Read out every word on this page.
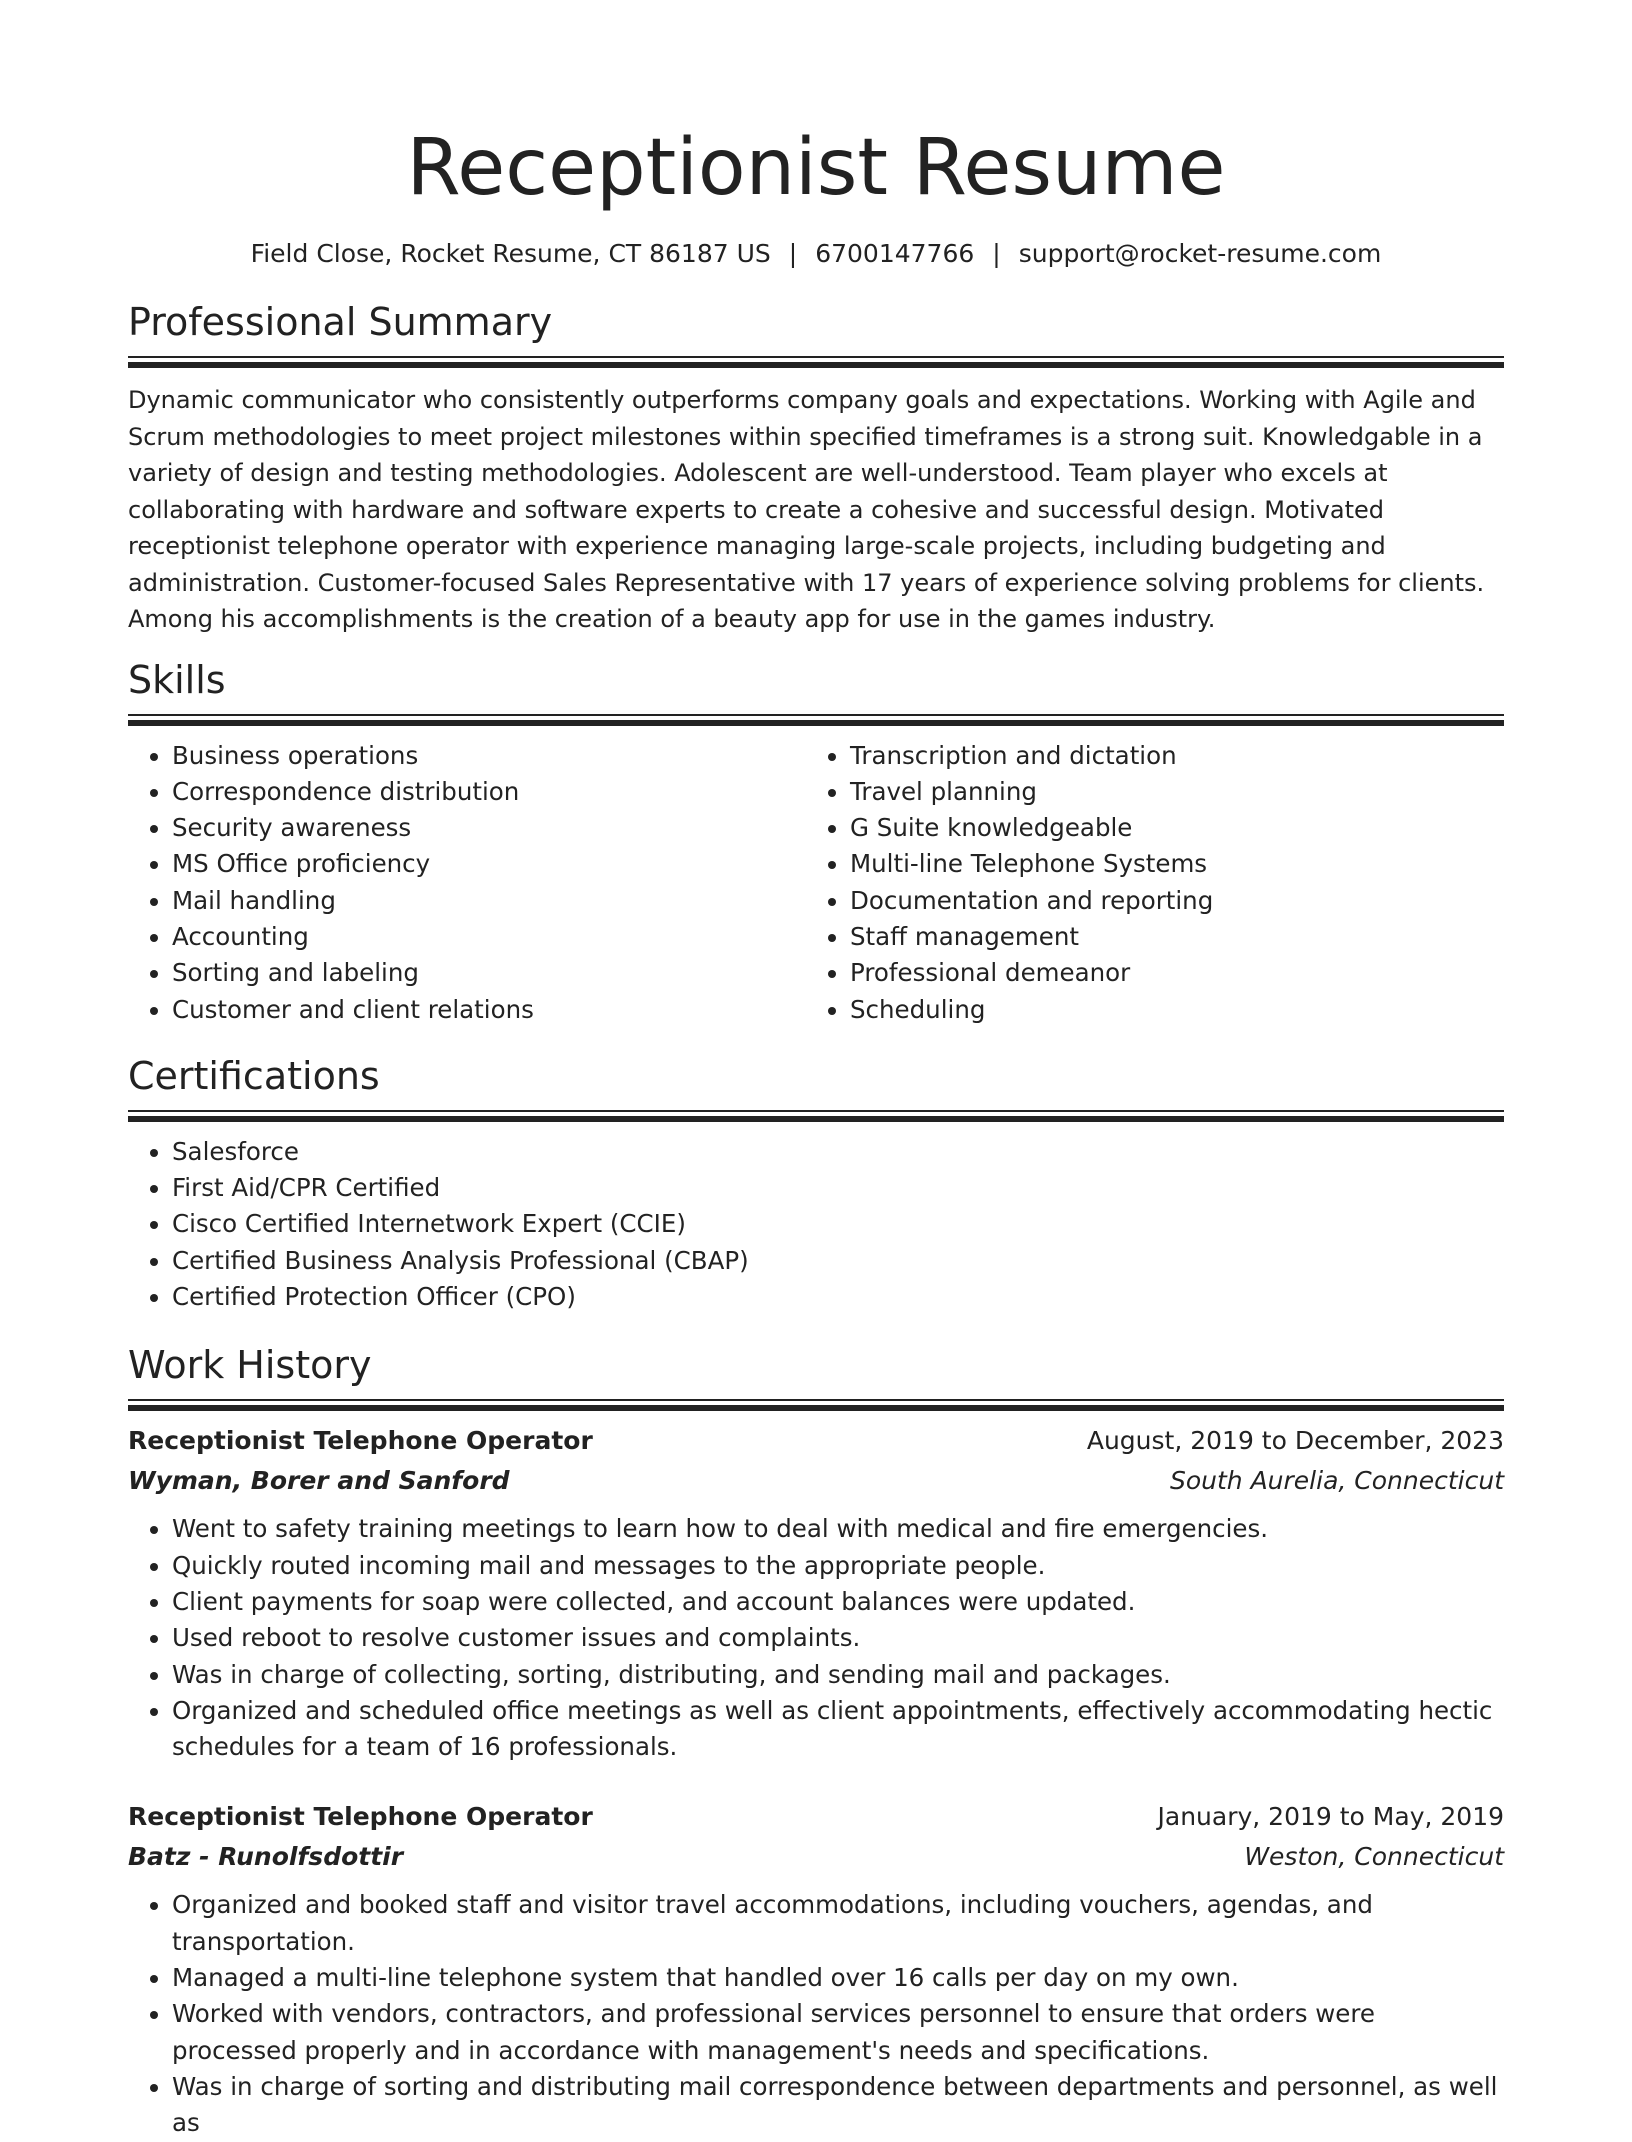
Receptionist Resume
Field Close, Rocket Resume, CT 86187 US | 6700147766 | support@rocket-resume.com
Professional Summary

Dynamic communicator who consistently outperforms company goals and expectations. Working with Agile and Scrum methodologies to meet project milestones within specified timeframes is a strong suit. Knowledgable in a variety of design and testing methodologies. Adolescent are well-understood. Team player who excels at collaborating with hardware and software experts to create a cohesive and successful design. Motivated receptionist telephone operator with experience managing large-scale projects, including budgeting and administration. Customer-focused Sales Representative with 17 years of experience solving problems for clients. Among his accomplishments is the creation of a beauty app for use in the games industry.

Skills
• Business operations
• Correspondence distribution
• Security awareness
• MS Office proficiency
• Mail handling
• Accounting
• Sorting and labeling
• Customer and client relations
• Transcription and dictation
• Travel planning
• G Suite knowledgeable
• Multi-line Telephone Systems
• Documentation and reporting
• Staff management
• Professional demeanor
• Scheduling
Certifications
• Salesforce
• First Aid/CPR Certified
• Cisco Certified Internetwork Expert (CCIE)
• Certified Business Analysis Professional (CBAP)
• Certified Protection Officer (CPO)
Work History
Receptionist Telephone Operator	August, 2019 to December, 2023
Wyman, Borer and Sanford	South Aurelia, Connecticut
• Went to safety training meetings to learn how to deal with medical and fire emergencies.
• Quickly routed incoming mail and messages to the appropriate people.
• Client payments for soap were collected, and account balances were updated.
• Used reboot to resolve customer issues and complaints.
• Was in charge of collecting, sorting, distributing, and sending mail and packages.
• Organized and scheduled office meetings as well as client appointments, effectively accommodating hectic schedules for a team of 16 professionals.
Receptionist Telephone Operator	January, 2019 to May, 2019
Batz - Runolfsdottir	Weston, Connecticut
• Organized and booked staff and visitor travel accommodations, including vouchers, agendas, and transportation.
• Managed a multi-line telephone system that handled over 16 calls per day on my own.
• Worked with vendors, contractors, and professional services personnel to ensure that orders were processed properly and in accordance with management's needs and specifications.
• Was in charge of sorting and distributing mail correspondence between departments and personnel, as well as
